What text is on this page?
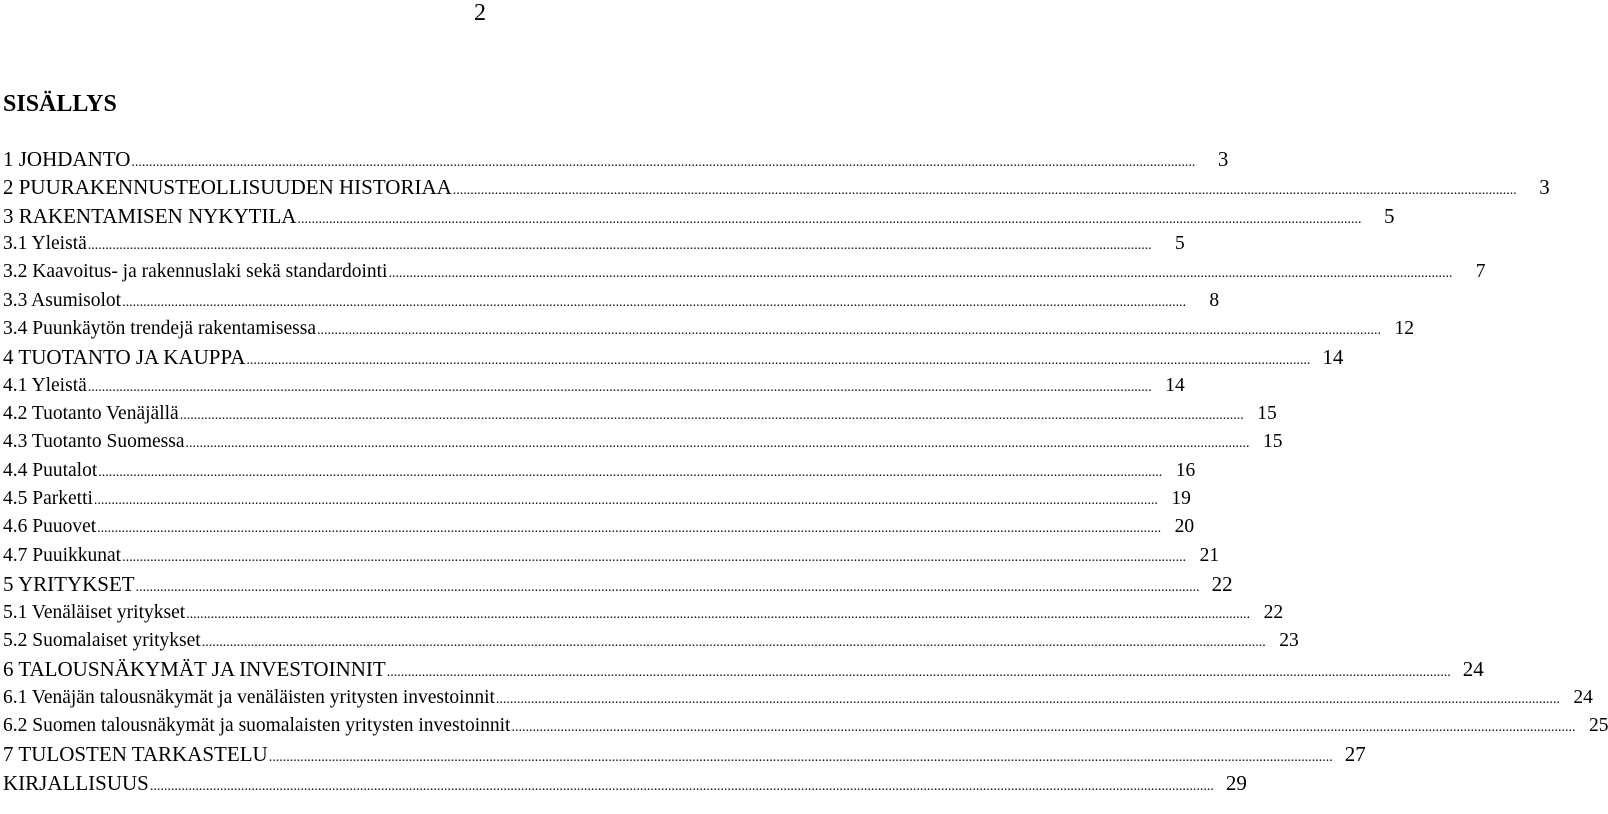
2
SISÄLLYS
1 JOHDANTO .....	3
2 PUURAKENNUSTEOLLISUUDEN HISTORIAA .....	3
3 RAKENTAMISEN NYKYTILA .....	5
3.1 Yleistä .....	5
3.2 Kaavoitus- ja rakennuslaki sekä standardointi .....	7
3.3 Asumisolot .....	8
3.4 Puunkäytön trendejä rakentamisessa .....	12
4 TUOTANTO JA KAUPPA .....	14
4.1 Yleistä .....	14
4.2 Tuotanto Venäjällä .....	15
4.3 Tuotanto Suomessa .....	15
4.4 Puutalot .....	16
4.5 Parketti .....	19
4.6 Puuovet .....	20
4.7 Puuikkunat .....	21
5 YRITYKSET .....	22
5.1 Venäläiset yritykset .....	22
5.2 Suomalaiset yritykset .....	23
6 TALOUSNÄKYMÄT JA INVESTOINNIT .....	24
6.1 Venäjän talousnäkymät ja venäläisten yritysten investoinnit .....	24
6.2 Suomen talousnäkymät ja suomalaisten yritysten investoinnit .....	25
7 TULOSTEN TARKASTELU .....	27
KIRJALLISUUS .....	29
